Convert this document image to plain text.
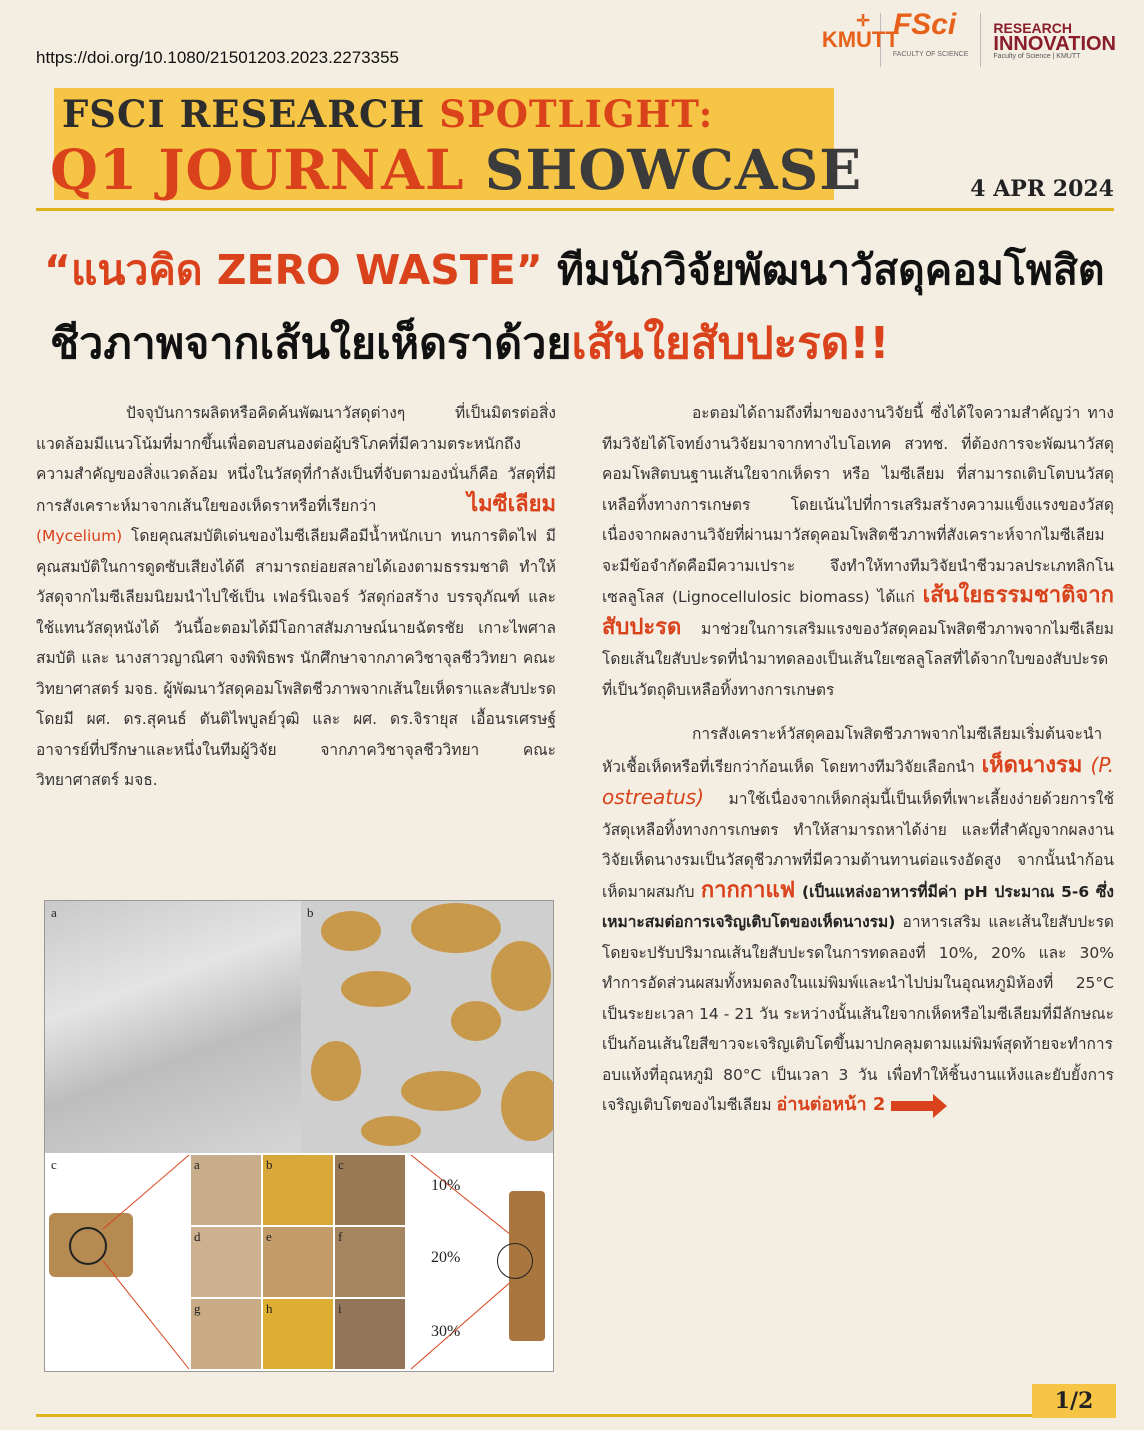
https://doi.org/10.1080/21501203.2023.2273355
✛
KMUTT
FSci
FACULTY OF SCIENCE
RESEARCH
INNOVATION
Faculty of Science | KMUTT
FSCI RESEARCH SPOTLIGHT:
Q1 JOURNAL SHOWCASE	4 APR 2024
“แนวคิด ZERO WASTE” ทีมนักวิจัยพัฒนาวัสดุคอมโพสิต
ชีวภาพจากเส้นใยเห็ดราด้วยเส้นใยสับปะรด!!

ปัจจุบันการผลิตหรือคิดค้นพัฒนาวัสดุต่างๆ ที่เป็นมิตรต่อสิ่งแวดล้อมมีแนวโน้มที่มากขึ้นเพื่อตอบสนองต่อผู้บริโภคที่มีความตระหนักถึงความสำคัญของสิ่งแวดล้อม หนึ่งในวัสดุที่กำลังเป็นที่จับตามองนั่นก็คือ วัสดุที่มีการสังเคราะห์มาจากเส้นใยของเห็ดราหรือที่เรียกว่า ไมซีเลียม (Mycelium) โดยคุณสมบัติเด่นของไมซีเลียมคือมีน้ำหนักเบา ทนการติดไฟ มีคุณสมบัติในการดูดซับเสียงได้ดี สามารถย่อยสลายได้เองตามธรรมชาติ ทำให้วัสดุจากไมซีเลียมนิยมนำไปใช้เป็น เฟอร์นิเจอร์ วัสดุก่อสร้าง บรรจุภัณฑ์ และใช้แทนวัสดุหนังได้ วันนี้อะตอมได้มีโอกาสสัมภาษณ์นายฉัตรชัย เกาะไพศาลสมบัติ และ นางสาวญาณิศา จงพิพิธพร นักศึกษาจากภาควิชาจุลชีววิทยา คณะวิทยาศาสตร์ มจธ. ผู้พัฒนาวัสดุคอมโพสิตชีวภาพจากเส้นใยเห็ดราและสับปะรด โดยมี ผศ. ดร.สุคนธ์ ตันติไพบูลย์วุฒิ และ ผศ. ดร.จิรายุส เอื้อนรเศรษฐ์ อาจารย์ที่ปรึกษาและหนึ่งในทีมผู้วิจัย จากภาควิชาจุลชีววิทยา คณะวิทยาศาสตร์ มจธ.

a	b
c	a	b	c
d	e	f
g	h	i
10%
20%
30%

อะตอมได้ถามถึงที่มาของงานวิจัยนี้ ซึ่งได้ใจความสำคัญว่า ทางทีมวิจัยได้โจทย์งานวิจัยมาจากทางไบโอเทค สวทช. ที่ต้องการจะพัฒนาวัสดุคอมโพสิตบนฐานเส้นใยจากเห็ดรา หรือ ไมซีเลียม ที่สามารถเติบโตบนวัสดุเหลือทิ้งทางการเกษตร โดยเน้นไปที่การเสริมสร้างความแข็งแรงของวัสดุ เนื่องจากผลงานวิจัยที่ผ่านมาวัสดุคอมโพสิตชีวภาพที่สังเคราะห์จากไมซีเลียมจะมีข้อจำกัดคือมีความเปราะ จึงทำให้ทางทีมวิจัยนำชีวมวลประเภทลิกโนเซลลูโลส (Lignocellulosic biomass) ได้แก่ เส้นใยธรรมชาติจากสับปะรด มาช่วยในการเสริมแรงของวัสดุคอมโพสิตชีวภาพจากไมซีเลียม โดยเส้นใยสับปะรดที่นำมาทดลองเป็นเส้นใยเซลลูโลสที่ได้จากใบของสับปะรดที่เป็นวัตถุดิบเหลือทิ้งทางการเกษตร

การสังเคราะห์วัสดุคอมโพสิตชีวภาพจากไมซีเลียมเริ่มต้นจะนำหัวเชื้อเห็ดหรือที่เรียกว่าก้อนเห็ด โดยทางทีมวิจัยเลือกนำ เห็ดนางรม (P. ostreatus) มาใช้เนื่องจากเห็ดกลุ่มนี้เป็นเห็ดที่เพาะเลี้ยงง่ายด้วยการใช้วัสดุเหลือทิ้งทางการเกษตร ทำให้สามารถหาได้ง่าย และที่สำคัญจากผลงานวิจัยเห็ดนางรมเป็นวัสดุชีวภาพที่มีความต้านทานต่อแรงอัดสูง จากนั้นนำก้อนเห็ดมาผสมกับ กากกาแฟ (เป็นแหล่งอาหารที่มีค่า pH ประมาณ 5-6 ซึ่งเหมาะสมต่อการเจริญเติบโตของเห็ดนางรม) อาหารเสริม และเส้นใยสับปะรดโดยจะปรับปริมาณเส้นใยสับปะรดในการทดลองที่ 10%, 20% และ 30% ทำการอัดส่วนผสมทั้งหมดลงในแม่พิมพ์และนำไปบ่มในอุณหภูมิห้องที่ 25°C เป็นระยะเวลา 14 - 21 วัน ระหว่างนั้นเส้นใยจากเห็ดหรือไมซีเลียมที่มีลักษณะเป็นก้อนเส้นใยสีขาวจะเจริญเติบโตขึ้นมาปกคลุมตามแม่พิมพ์สุดท้ายจะทำการอบแห้งที่อุณหภูมิ 80°C เป็นเวลา 3 วัน เพื่อทำให้ชิ้นงานแห้งและยับยั้งการเจริญเติบโตของไมซีเลียม อ่านต่อหน้า 2

1/2
